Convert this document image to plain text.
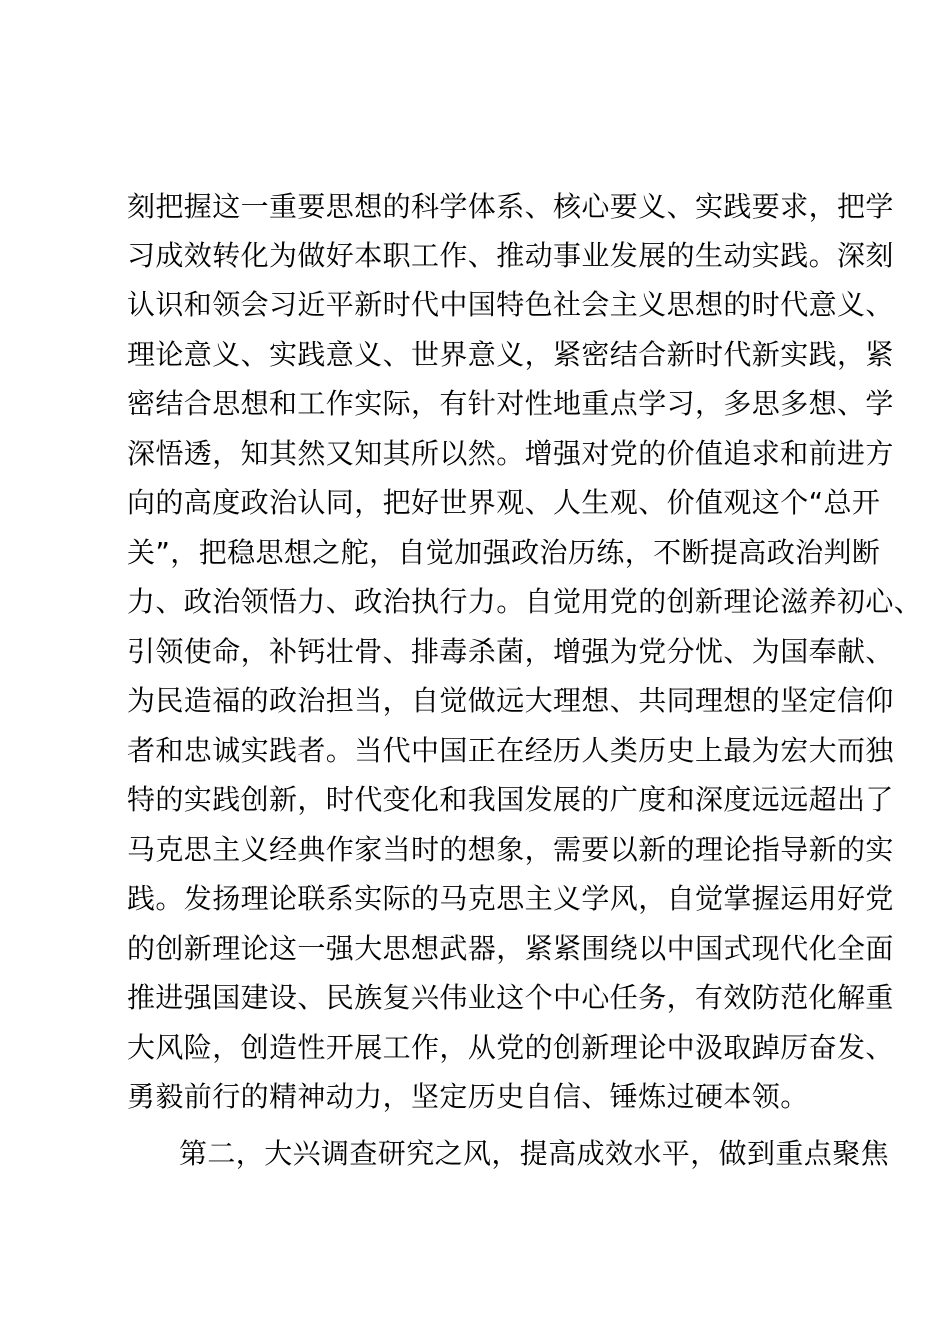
刻把握这一重要思想的科学体系、核心要义、实践要求，把学
习成效转化为做好本职工作、推动事业发展的生动实践。深刻
认识和领会习近平新时代中国特色社会主义思想的时代意义、
理论意义、实践意义、世界意义，紧密结合新时代新实践，紧
密结合思想和工作实际，有针对性地重点学习，多思多想、学
深悟透，知其然又知其所以然。增强对党的价值追求和前进方
向的高度政治认同，把好世界观、人生观、价值观这个“总开
关”，把稳思想之舵，自觉加强政治历练，不断提高政治判断
力、政治领悟力、政治执行力。自觉用党的创新理论滋养初心、
引领使命，补钙壮骨、排毒杀菌，增强为党分忧、为国奉献、
为民造福的政治担当，自觉做远大理想、共同理想的坚定信仰
者和忠诚实践者。当代中国正在经历人类历史上最为宏大而独
特的实践创新，时代变化和我国发展的广度和深度远远超出了
马克思主义经典作家当时的想象，需要以新的理论指导新的实
践。发扬理论联系实际的马克思主义学风，自觉掌握运用好党
的创新理论这一强大思想武器，紧紧围绕以中国式现代化全面
推进强国建设、民族复兴伟业这个中心任务，有效防范化解重
大风险，创造性开展工作，从党的创新理论中汲取踔厉奋发、
勇毅前行的精神动力，坚定历史自信、锤炼过硬本领。
第二，大兴调查研究之风，提高成效水平，做到重点聚焦
